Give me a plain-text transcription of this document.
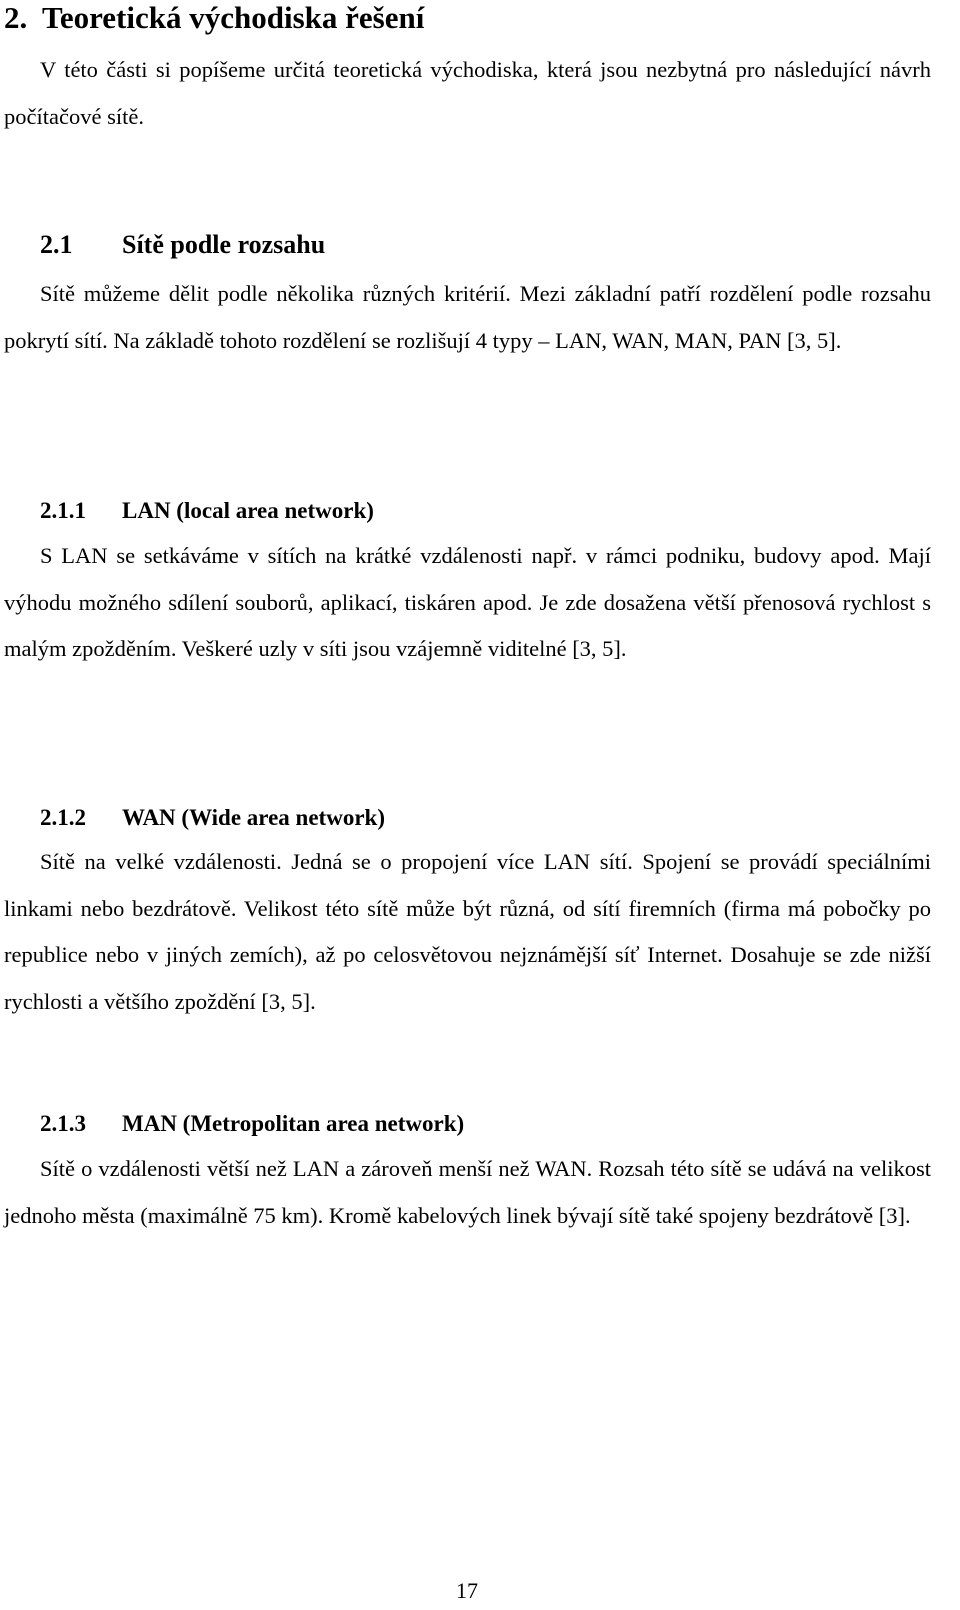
2. Teoretická východiska řešení

V této části si popíšeme určitá teoretická východiska, která jsou nezbytná pro následující návrh počítačové sítě.

2.1 Sítě podle rozsahu

Sítě můžeme dělit podle několika různých kritérií. Mezi základní patří rozdělení podle rozsahu pokrytí sítí. Na základě tohoto rozdělení se rozlišují 4 typy – LAN, WAN, MAN, PAN [3, 5].

2.1.1 LAN (local area network)

S LAN se setkáváme v sítích na krátké vzdálenosti např. v rámci podniku, budovy apod. Mají výhodu možného sdílení souborů, aplikací, tiskáren apod. Je zde dosažena větší přenosová rychlost s malým zpožděním. Veškeré uzly v síti jsou vzájemně viditelné [3, 5].

2.1.2 WAN (Wide area network)

Sítě na velké vzdálenosti. Jedná se o propojení více LAN sítí. Spojení se provádí speciálními linkami nebo bezdrátově. Velikost této sítě může být různá, od sítí firemních (firma má pobočky po republice nebo v jiných zemích), až po celosvětovou nejznámější síť Internet. Dosahuje se zde nižší rychlosti a většího zpoždění [3, 5].

2.1.3 MAN (Metropolitan area network)

Sítě o vzdálenosti větší než LAN a zároveň menší než WAN. Rozsah této sítě se udává na velikost jednoho města (maximálně 75 km). Kromě kabelových linek bývají sítě také spojeny bezdrátově [3].

17
